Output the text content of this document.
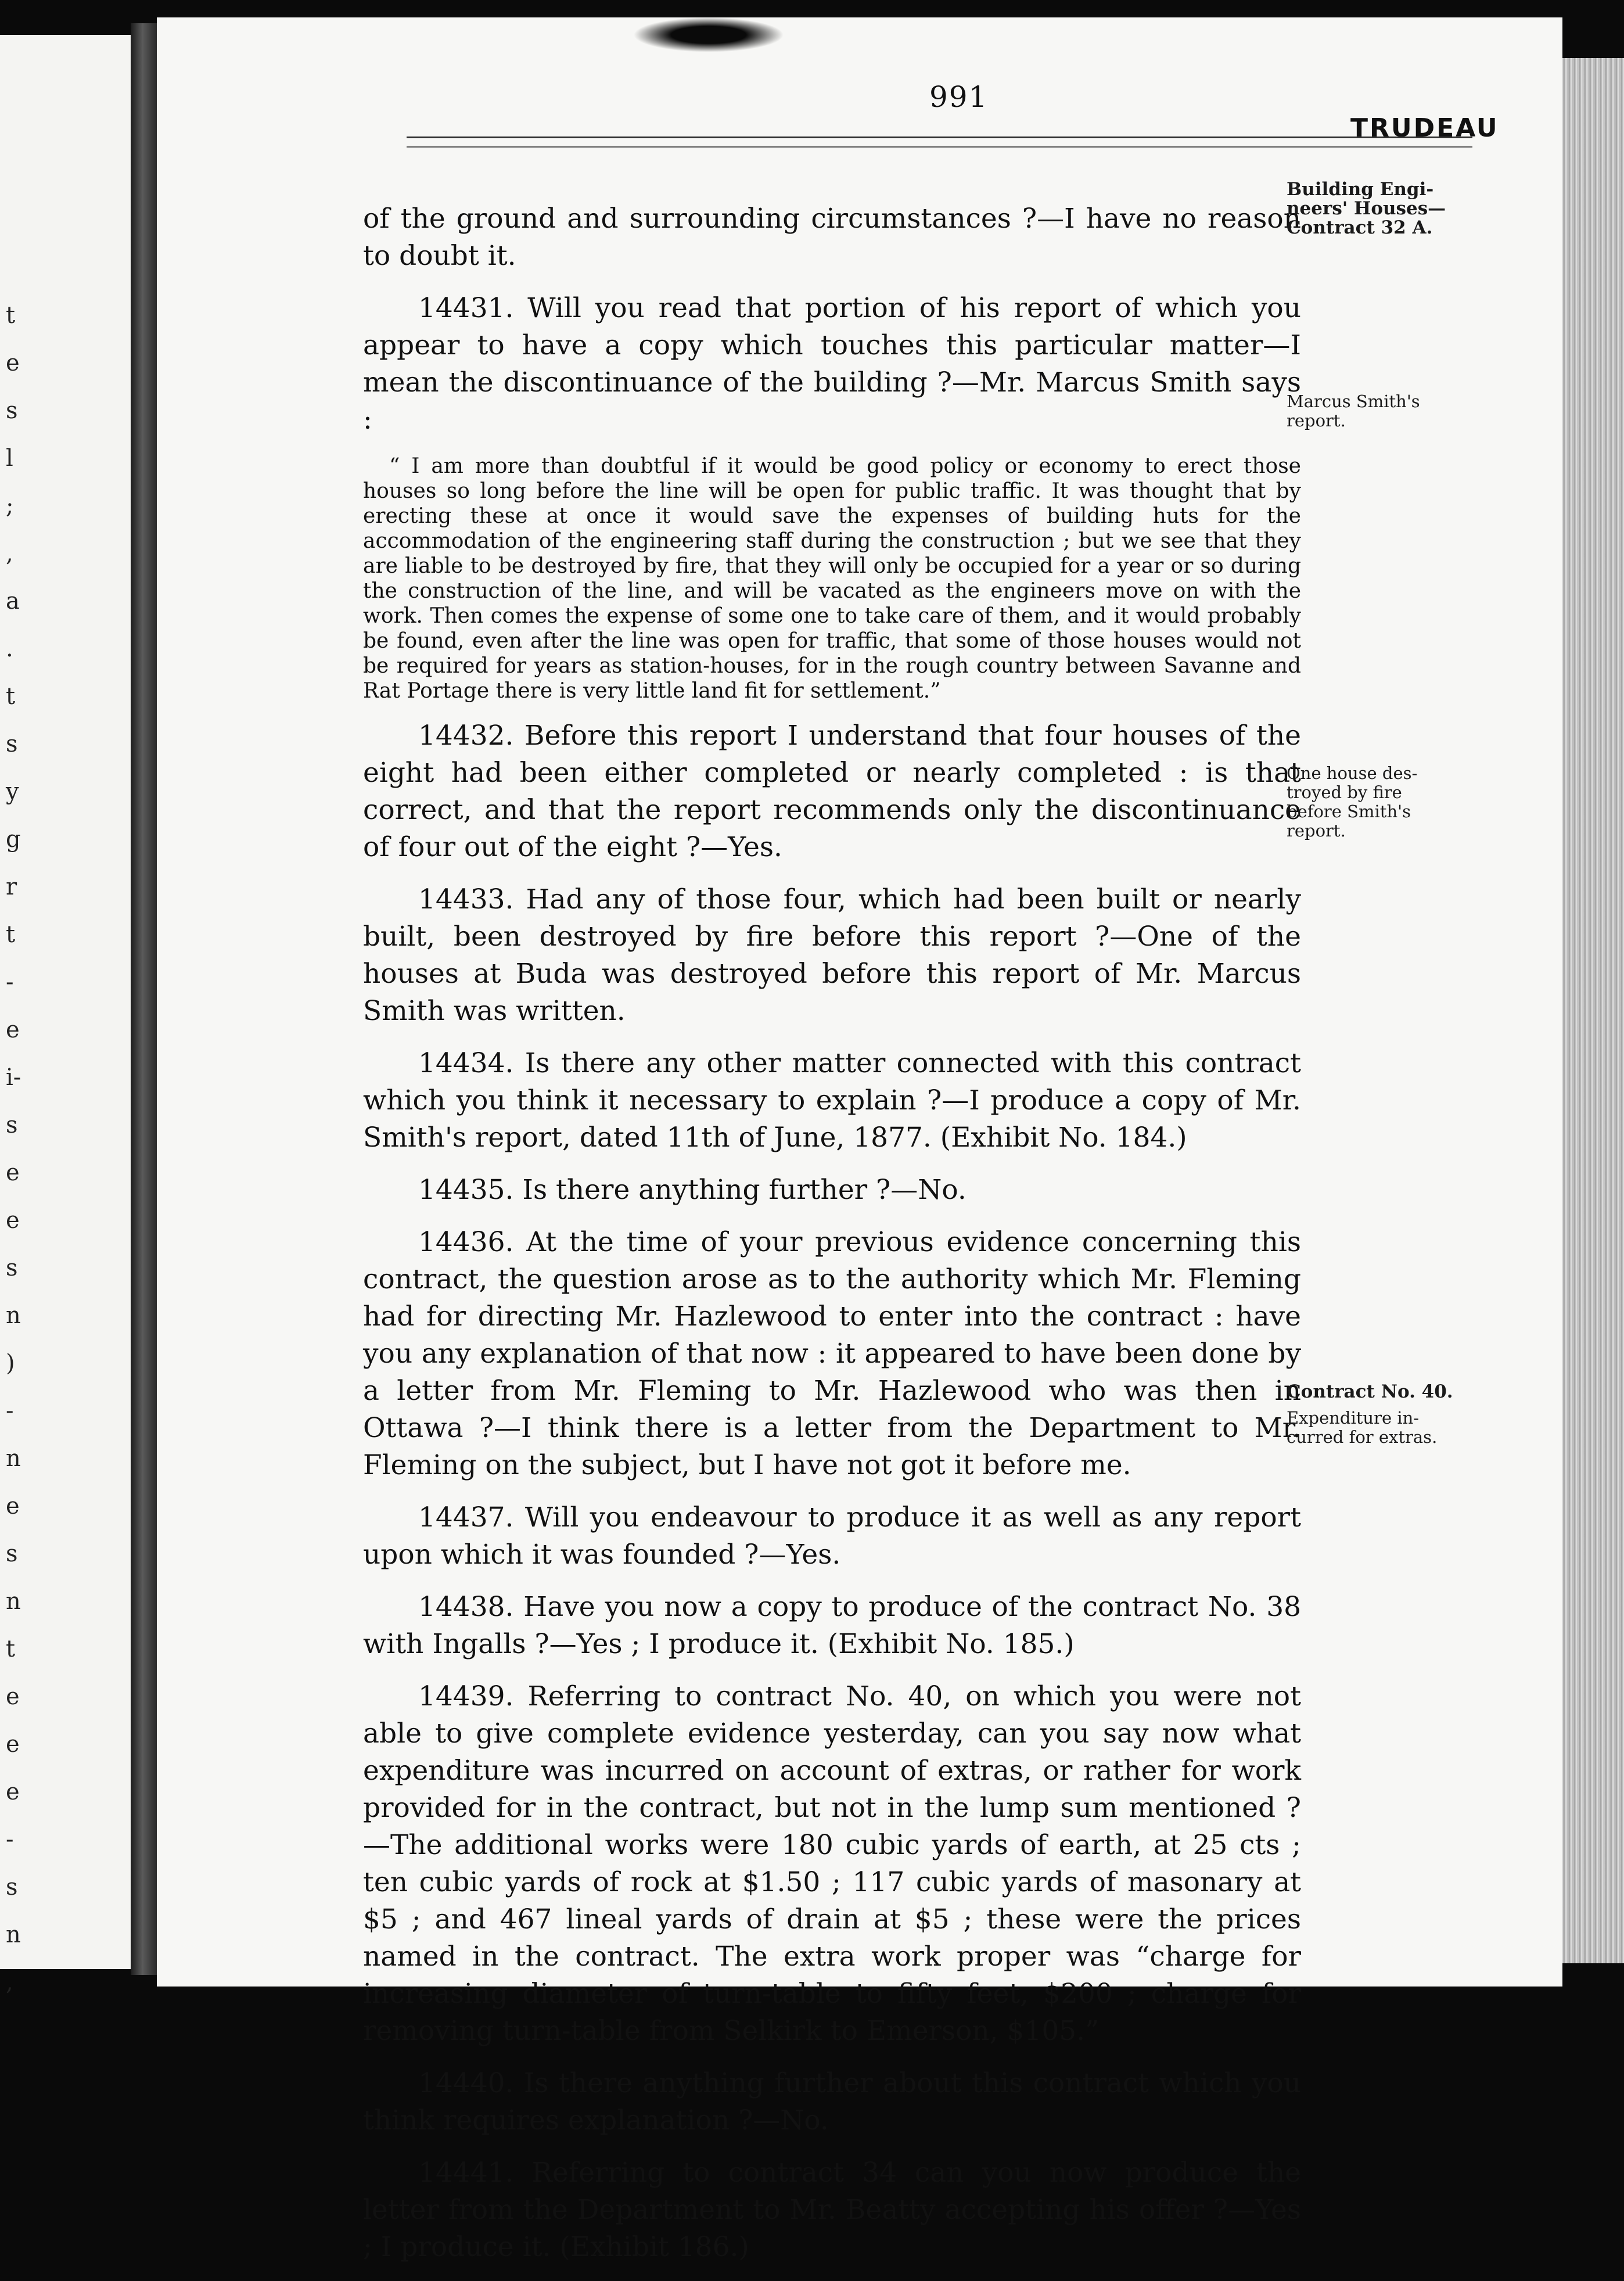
t
e
s
l
;
,
a
.
t
s
y
g
r
t
-
e
i-
s
e
e
s
n
)
-
n
e
s
n
t
e
e
e
-
s
n
,
991
TRUDEAU

of the ground and surrounding circumstances ?—I have no reason to doubt it.

14431. Will you read that portion of his report of which you appear to have a copy which touches this particular matter—I mean the discontinuance of the building ?—Mr. Marcus Smith says :

“ I am more than doubtful if it would be good policy or economy to erect those houses so long before the line will be open for public traffic. It was thought that by erecting these at once it would save the expenses of building huts for the accommodation of the engineering staff during the construction ; but we see that they are liable to be destroyed by fire, that they will only be occupied for a year or so during the construction of the line, and will be vacated as the engineers move on with the work. Then comes the expense of some one to take care of them, and it would probably be found, even after the line was open for traffic, that some of those houses would not be required for years as station-houses, for in the rough country between Savanne and Rat Portage there is very little land fit for settlement.”

14432. Before this report I understand that four houses of the eight had been either completed or nearly completed : is that correct, and that the report recommends only the discontinuance of four out of the eight ?—Yes.

14433. Had any of those four, which had been built or nearly built, been destroyed by fire before this report ?—One of the houses at Buda was destroyed before this report of Mr. Marcus Smith was written.

14434. Is there any other matter connected with this contract which you think it necessary to explain ?—I produce a copy of Mr. Smith's report, dated 11th of June, 1877. (Exhibit No. 184.)

14435. Is there anything further ?—No.

14436. At the time of your previous evidence concerning this contract, the question arose as to the authority which Mr. Fleming had for directing Mr. Hazlewood to enter into the contract : have you any explanation of that now : it appeared to have been done by a letter from Mr. Fleming to Mr. Hazlewood who was then in Ottawa ?—I think there is a letter from the Department to Mr. Fleming on the subject, but I have not got it before me.

14437. Will you endeavour to produce it as well as any report upon which it was founded ?—Yes.

14438. Have you now a copy to produce of the contract No. 38 with Ingalls ?—Yes ; I produce it. (Exhibit No. 185.)

14439. Referring to contract No. 40, on which you were not able to give complete evidence yesterday, can you say now what expenditure was incurred on account of extras, or rather for work provided for in the contract, but not in the lump sum mentioned ?—The additional works were 180 cubic yards of earth, at 25 cts ; ten cubic yards of rock at $1.50 ; 117 cubic yards of masonary at $5 ; and 467 lineal yards of drain at $5 ; these were the prices named in the contract. The extra work proper was “charge for increasing diameter of turn-table to fifty feet, $200 ; charge for removing turn-table from Selkirk to Emerson, $105.”

14440. Is there anything further about this contract which you think requires explanation ?—No.

14441. Referring to contract 34 can you now produce the letter from the Department to Mr. Beatty accepting his offer ?—Yes ; I produce it. (Exhibit 186.)

Building Engi-
neers' Houses—
Contract 32 A.
Marcus Smith's
report.
One house des-
troyed by fire
before Smith's
report.
Contract No. 40.
Expenditure in-
curred for extras.
